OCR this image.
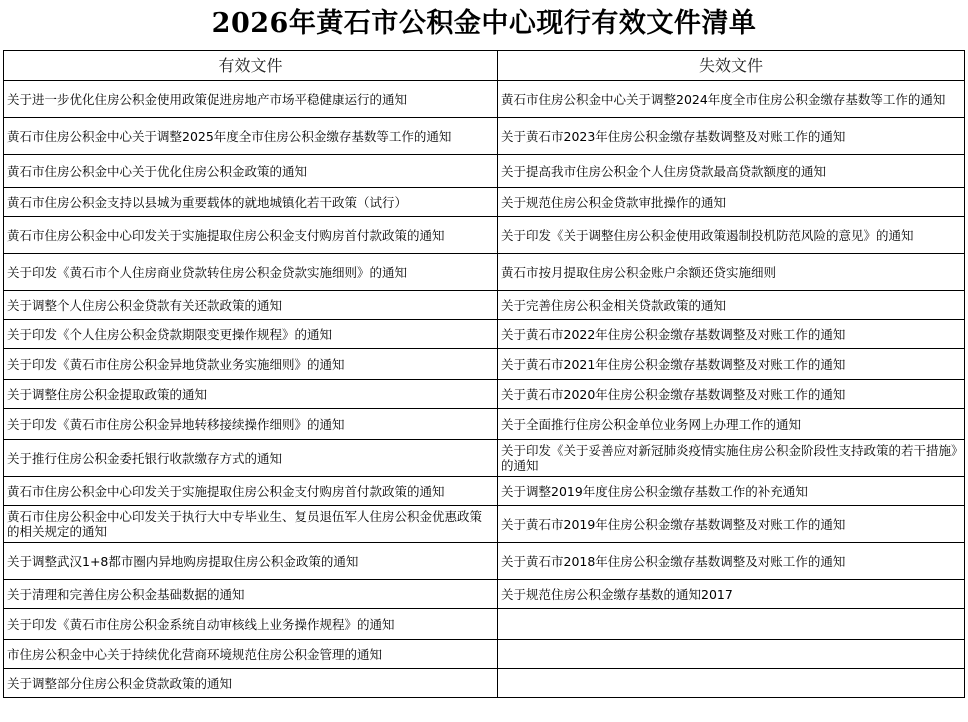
2026年黄石市公积金中心现行有效文件清单
有效文件	失效文件
关于进一步优化住房公积金使用政策促进房地产市场平稳健康运行的通知	黄石市住房公积金中心关于调整2024年度全市住房公积金缴存基数等工作的通知
黄石市住房公积金中心关于调整2025年度全市住房公积金缴存基数等工作的通知	关于黄石市2023年住房公积金缴存基数调整及对账工作的通知
黄石市住房公积金中心关于优化住房公积金政策的通知	关于提高我市住房公积金个人住房贷款最高贷款额度的通知
黄石市住房公积金支持以县城为重要载体的就地城镇化若干政策（试行）	关于规范住房公积金贷款审批操作的通知
黄石市住房公积金中心印发关于实施提取住房公积金支付购房首付款政策的通知	关于印发《关于调整住房公积金使用政策遏制投机防范风险的意见》的通知
关于印发《黄石市个人住房商业贷款转住房公积金贷款实施细则》的通知	黄石市按月提取住房公积金账户余额还贷实施细则
关于调整个人住房公积金贷款有关还款政策的通知	关于完善住房公积金相关贷款政策的通知
关于印发《个人住房公积金贷款期限变更操作规程》的通知	关于黄石市2022年住房公积金缴存基数调整及对账工作的通知
关于印发《黄石市住房公积金异地贷款业务实施细则》的通知	关于黄石市2021年住房公积金缴存基数调整及对账工作的通知
关于调整住房公积金提取政策的通知	关于黄石市2020年住房公积金缴存基数调整及对账工作的通知
关于印发《黄石市住房公积金异地转移接续操作细则》的通知	关于全面推行住房公积金单位业务网上办理工作的通知
关于推行住房公积金委托银行收款缴存方式的通知	关于印发《关于妥善应对新冠肺炎疫情实施住房公积金阶段性支持政策的若干措施》的通知
黄石市住房公积金中心印发关于实施提取住房公积金支付购房首付款政策的通知	关于调整2019年度住房公积金缴存基数工作的补充通知
黄石市住房公积金中心印发关于执行大中专毕业生、复员退伍军人住房公积金优惠政策的相关规定的通知	关于黄石市2019年住房公积金缴存基数调整及对账工作的通知
关于调整武汉1+8都市圈内异地购房提取住房公积金政策的通知	关于黄石市2018年住房公积金缴存基数调整及对账工作的通知
关于清理和完善住房公积金基础数据的通知	关于规范住房公积金缴存基数的通知2017
关于印发《黄石市住房公积金系统自动审核线上业务操作规程》的通知	
市住房公积金中心关于持续优化营商环境规范住房公积金管理的通知	
关于调整部分住房公积金贷款政策的通知	
